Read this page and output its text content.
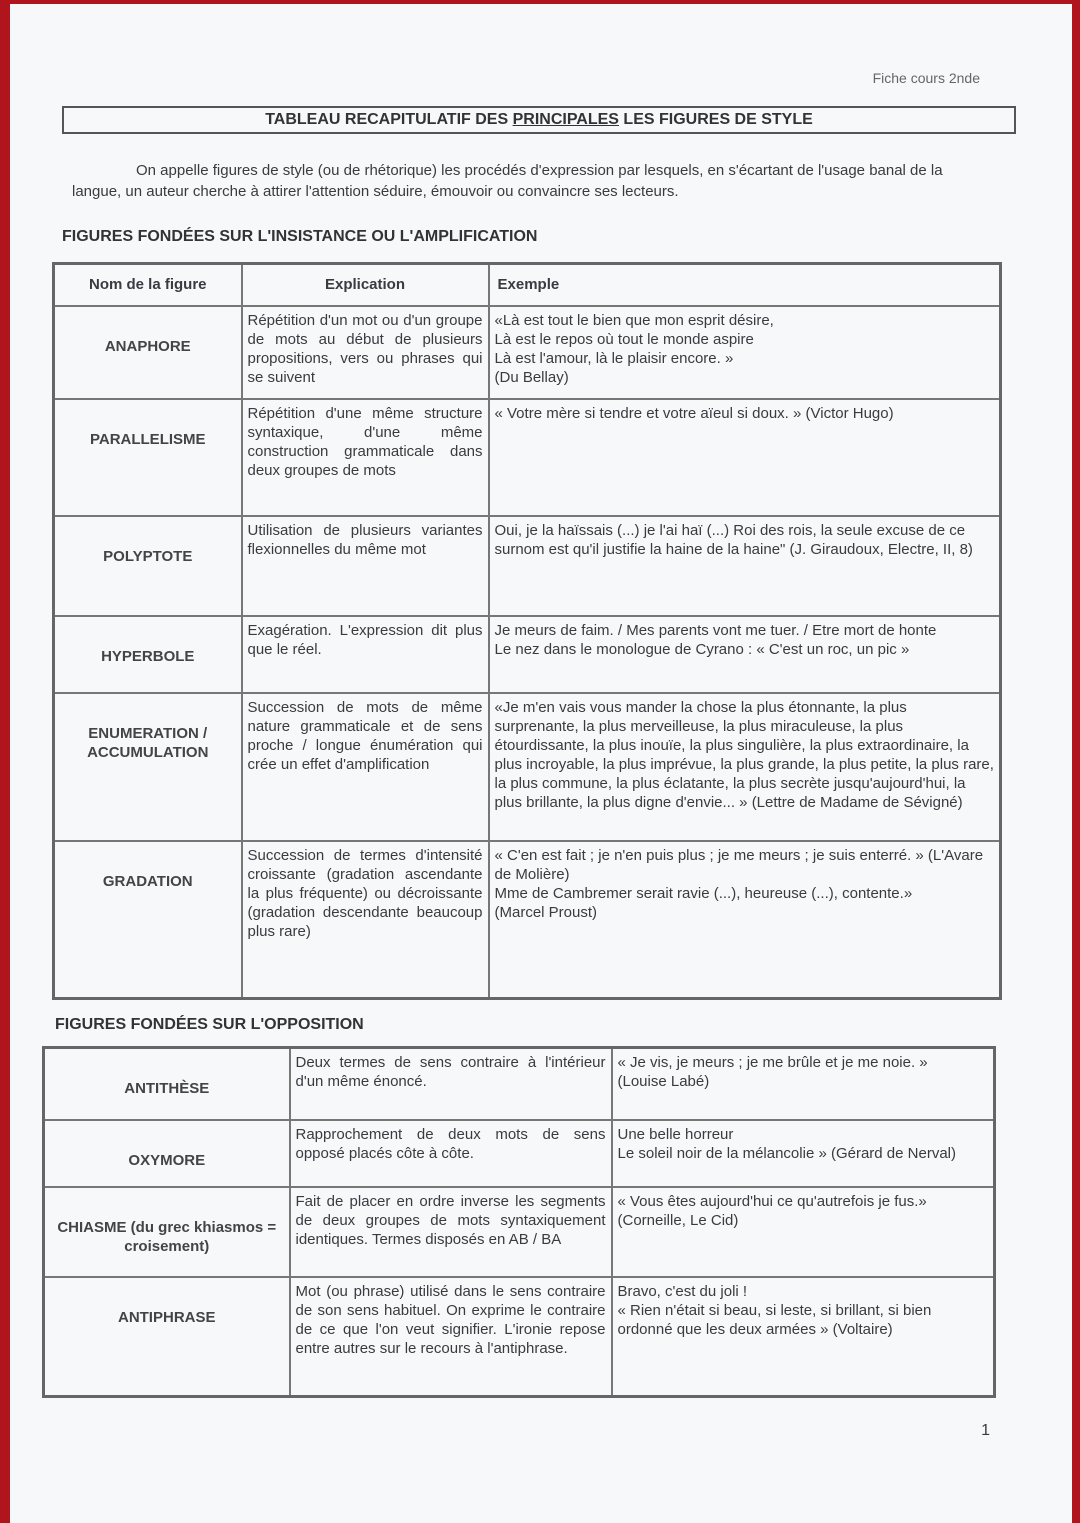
Fiche cours 2nde
TABLEAU RECAPITULATIF DES PRINCIPALES LES FIGURES DE STYLE
On appelle figures de style (ou de rhétorique) les procédés d'expression par lesquels, en s'écartant de l'usage banal de la langue, un auteur cherche à attirer l'attention séduire, émouvoir ou convaincre ses lecteurs.
FIGURES FONDÉES SUR L'INSISTANCE OU L'AMPLIFICATION
Nom de la figure	Explication	Exemple
ANAPHORE	Répétition d'un mot ou d'un groupe de mots au début de plusieurs propositions, vers ou phrases qui se suivent	«Là est tout le bien que mon esprit désire,
Là est le repos où tout le monde aspire
Là est l'amour, là le plaisir encore. »
(Du Bellay)
PARALLELISME	Répétition d'une même structure syntaxique, d'une même construction grammaticale dans deux groupes de mots	« Votre mère si tendre et votre aïeul si doux. » (Victor Hugo)
POLYPTOTE	Utilisation de plusieurs variantes flexionnelles du même mot	Oui, je la haïssais (...) je l'ai haï (...) Roi des rois, la seule excuse de ce surnom est qu'il justifie la haine de la haine" (J. Giraudoux, Electre, II, 8)
HYPERBOLE	Exagération. L'expression dit plus que le réel.	Je meurs de faim. / Mes parents vont me tuer. / Etre mort de honte
Le nez dans le monologue de Cyrano : « C'est un roc, un pic »
ENUMERATION / ACCUMULATION	Succession de mots de même nature grammaticale et de sens proche / longue énumération qui crée un effet d'amplification	«Je m'en vais vous mander la chose la plus étonnante, la plus surprenante, la plus merveilleuse, la plus miraculeuse, la plus étourdissante, la plus inouïe, la plus singulière, la plus extraordinaire, la plus incroyable, la plus imprévue, la plus grande, la plus petite, la plus rare, la plus commune, la plus éclatante, la plus secrète jusqu'aujourd'hui, la plus brillante, la plus digne d'envie... » (Lettre de Madame de Sévigné)
GRADATION	Succession de termes d'intensité croissante (gradation ascendante la plus fréquente) ou décroissante (gradation descendante beaucoup plus rare)	« C'en est fait ; je n'en puis plus ; je me meurs ; je suis enterré. » (L'Avare de Molière)
Mme de Cambremer serait ravie (...), heureuse (...), contente.»
(Marcel Proust)
FIGURES FONDÉES SUR L'OPPOSITION
ANTITHÈSE	Deux termes de sens contraire à l'intérieur d'un même énoncé.	« Je vis, je meurs ; je me brûle et je me noie. »
(Louise Labé)
OXYMORE	Rapprochement de deux mots de sens opposé placés côte à côte.	Une belle horreur
Le soleil noir de la mélancolie » (Gérard de Nerval)
CHIASME (du grec khiasmos = croisement)	Fait de placer en ordre inverse les segments de deux groupes de mots syntaxiquement identiques. Termes disposés en AB / BA	« Vous êtes aujourd'hui ce qu'autrefois je fus.»
(Corneille, Le Cid)
ANTIPHRASE	Mot (ou phrase) utilisé dans le sens contraire de son sens habituel. On exprime le contraire de ce que l'on veut signifier. L'ironie repose entre autres sur le recours à l'antiphrase.	Bravo, c'est du joli !
« Rien n'était si beau, si leste, si brillant, si bien ordonné que les deux armées » (Voltaire)
1
